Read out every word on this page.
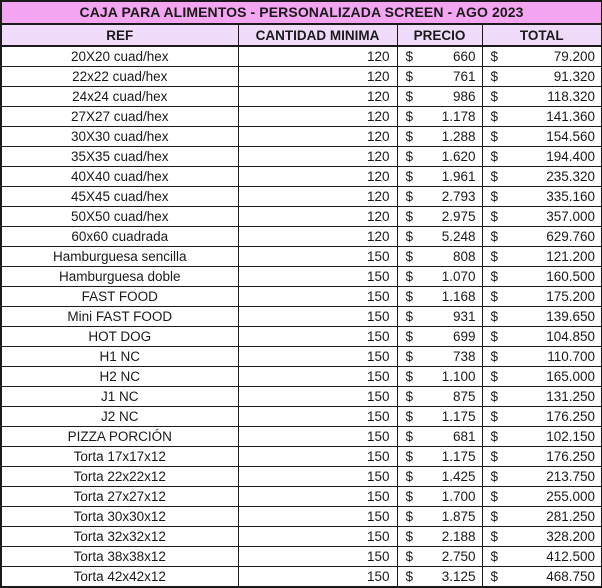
CAJA PARA ALIMENTOS - PERSONALIZADA SCREEN - AGO 2023			
REF	CANTIDAD MINIMA	PRECIO	TOTAL
20X20 cuad/hex	120	$ 660	$ 79.200
22x22 cuad/hex	120	$ 761	$ 91.320
24x24 cuad/hex	120	$ 986	$ 118.320
27X27 cuad/hex	120	$ 1.178	$ 141.360
30X30 cuad/hex	120	$ 1.288	$ 154.560
35X35 cuad/hex	120	$ 1.620	$ 194.400
40X40 cuad/hex	120	$ 1.961	$ 235.320
45X45 cuad/hex	120	$ 2.793	$ 335.160
50X50 cuad/hex	120	$ 2.975	$ 357.000
60x60 cuadrada	120	$ 5.248	$ 629.760
Hamburguesa sencilla	150	$ 808	$ 121.200
Hamburguesa doble	150	$ 1.070	$ 160.500
FAST FOOD	150	$ 1.168	$ 175.200
Mini FAST FOOD	150	$ 931	$ 139.650
HOT DOG	150	$ 699	$ 104.850
H1 NC	150	$ 738	$ 110.700
H2 NC	150	$ 1.100	$ 165.000
J1 NC	150	$ 875	$ 131.250
J2 NC	150	$ 1.175	$ 176.250
PIZZA PORCIÓN	150	$ 681	$ 102.150
Torta 17x17x12	150	$ 1.175	$ 176.250
Torta 22x22x12	150	$ 1.425	$ 213.750
Torta 27x27x12	150	$ 1.700	$ 255.000
Torta 30x30x12	150	$ 1.875	$ 281.250
Torta 32x32x12	150	$ 2.188	$ 328.200
Torta 38x38x12	150	$ 2.750	$ 412.500
Torta 42x42x12	150	$ 3.125	$ 468.750
